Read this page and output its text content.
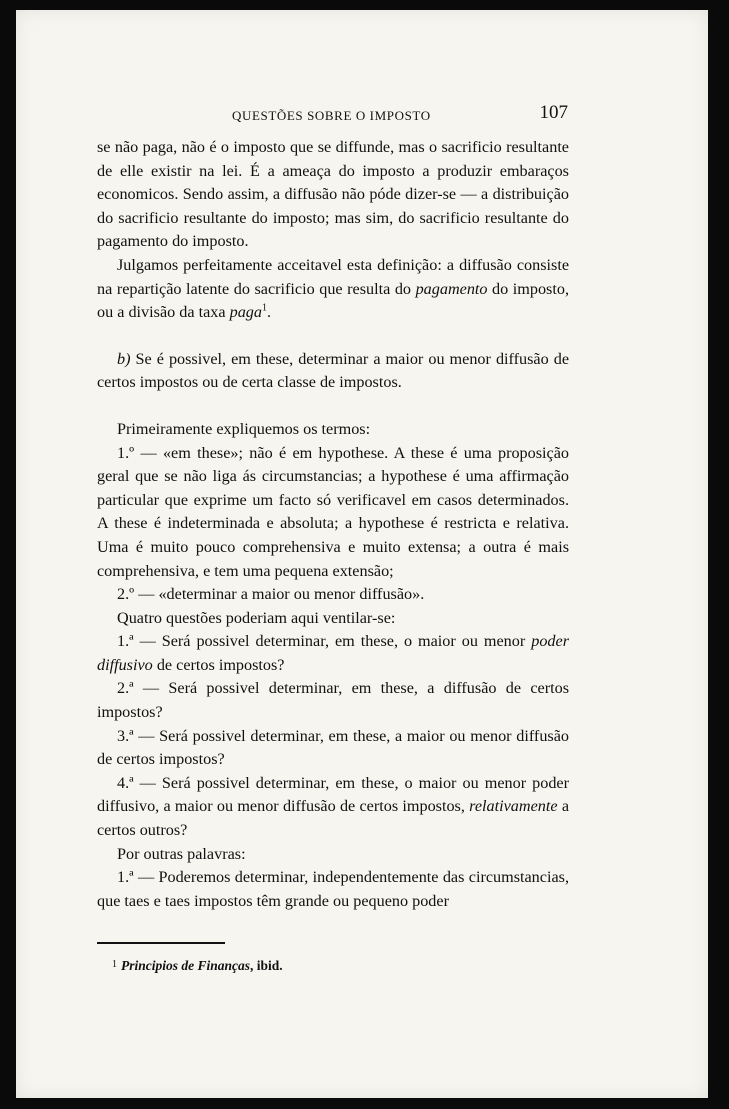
QUESTÕES SOBRE O IMPOSTO	107

se não paga, não é o imposto que se diffunde, mas o sacrificio resultante de elle existir na lei. É a ameaça do imposto a produzir embaraços economicos. Sendo assim, a diffusão não póde dizer-se — a distribuição do sacrificio resultante do imposto; mas sim, do sacrificio resultante do pagamento do imposto.

Julgamos perfeitamente acceitavel esta definição: a diffusão consiste na repartição latente do sacrificio que resulta do pagamento do imposto, ou a divisão da taxa paga$^1$.

b) Se é possivel, em these, determinar a maior ou menor diffusão de certos impostos ou de certa classe de impostos.

Primeiramente expliquemos os termos:

1.º — «em these»; não é em hypothese. A these é uma proposição geral que se não liga ás circumstancias; a hypothese é uma affirmação particular que exprime um facto só verificavel em casos determinados. A these é indeterminada e absoluta; a hypothese é restricta e relativa. Uma é muito pouco comprehensiva e muito extensa; a outra é mais comprehensiva, e tem uma pequena extensão;

2.º — «determinar a maior ou menor diffusão».

Quatro questões poderiam aqui ventilar-se:

1.ª — Será possivel determinar, em these, o maior ou menor poder diffusivo de certos impostos?

2.ª — Será possivel determinar, em these, a diffusão de certos impostos?

3.ª — Será possivel determinar, em these, a maior ou menor diffusão de certos impostos?

4.ª — Será possivel determinar, em these, o maior ou menor poder diffusivo, a maior ou menor diffusão de certos impostos, relativamente a certos outros?

Por outras palavras:

1.ª — Poderemos determinar, independentemente das circumstancias, que taes e taes impostos têm grande ou pequeno poder

$^1$ Principios de Finanças, ibid.
